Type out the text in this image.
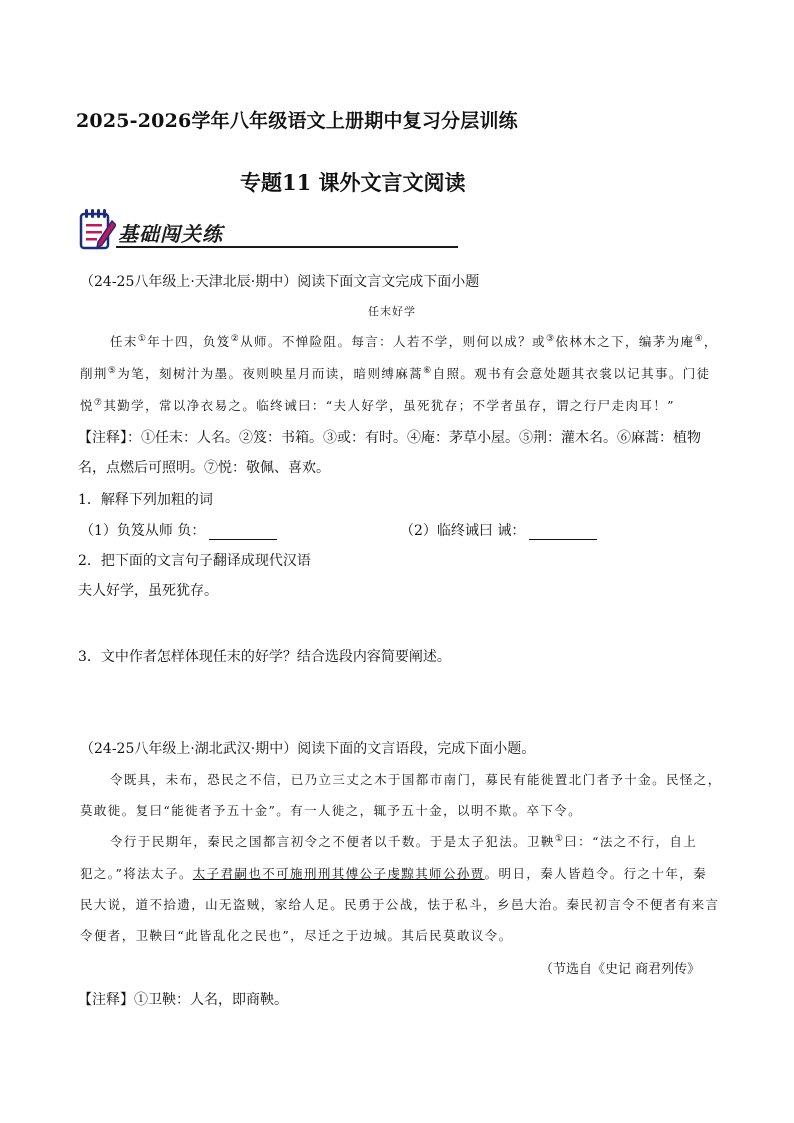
2025-2026学年八年级语文上册期中复习分层训练
专题11 课外文言文阅读
基础闯关练
（24-25八年级上·天津北辰·期中）阅读下面文言文完成下面小题
任末好学
任末①年十四，负笈②从师。不惮险阻。每言：人若不学，则何以成？或③依林木之下，编茅为庵④，
削荆⑤为笔，刻树汁为墨。夜则映星月而读，暗则缚麻蒿⑥自照。观书有会意处题其衣裳以记其事。门徒
悦⑦其勤学，常以净衣易之。临终诫曰：“夫人好学，虽死犹存；不学者虽存，谓之行尸走肉耳！”
【注释】：①任末：人名。②笈：书箱。③或：有时。④庵：茅草小屋。⑤荆：灌木名。⑥麻蒿：植物
名，点燃后可照明。⑦悦：敬佩、喜欢。
1．解释下列加粗的词
（1）负笈从师 负：	（2）临终诫曰 诫：
2．把下面的文言句子翻译成现代汉语
夫人好学，虽死犹存。
3．文中作者怎样体现任末的好学？结合选段内容简要阐述。
（24-25八年级上·湖北武汉·期中）阅读下面的文言语段，完成下面小题。
令既具，未布，恐民之不信，已乃立三丈之木于国都市南门，募民有能徙置北门者予十金。民怪之，
莫敢徙。复曰“能徙者予五十金”。有一人徙之，辄予五十金，以明不欺。卒下令。
令行于民期年，秦民之国都言初令之不便者以千数。于是太子犯法。卫鞅①曰：“法之不行，自上
犯之。”将法太子。太子君嗣也不可施刑刑其傅公子虔黥其师公孙贾。明日，秦人皆趋令。行之十年，秦
民大说，道不拾遗，山无盗贼，家给人足。民勇于公战，怯于私斗，乡邑大治。秦民初言令不便者有来言
令便者，卫鞅曰“此皆乱化之民也”，尽迁之于边城。其后民莫敢议令。
（节选自《史记 商君列传》
【注释】①卫鞅：人名，即商鞅。
